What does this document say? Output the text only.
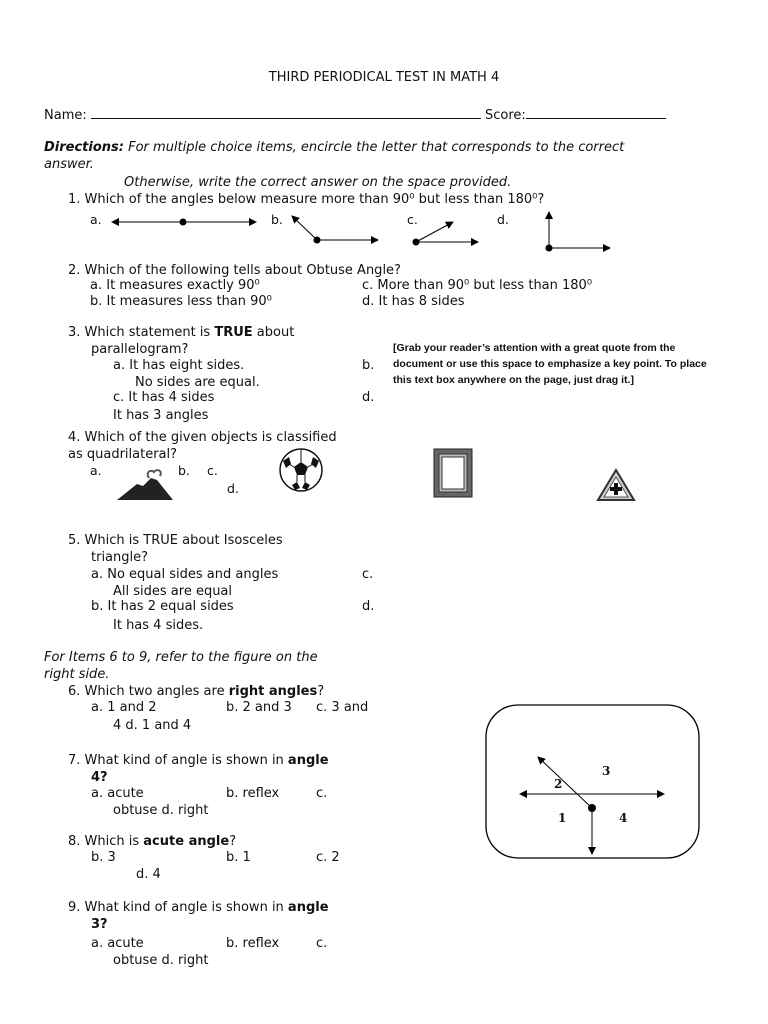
THIRD PERIODICAL TEST IN MATH 4
Name:	Score:
Directions: For multiple choice items, encircle the letter that corresponds to the correct
answer.
Otherwise, write the correct answer on the space provided.
1. Which of the angles below measure more than 90⁰ but less than 180⁰?
a.	b.	c.	d.
1
2
3
4
2. Which of the following tells about Obtuse Angle?
a. It measures exactly 90⁰
b. It measures less than 90⁰
c. More than 90⁰ but less than 180⁰
d. It has 8 sides
3. Which statement is TRUE about
parallelogram?
a. It has eight sides.	b.
No sides are equal.
c. It has 4 sides	d.
It has 3 angles
[Grab your reader’s attention with a great quote from the document or use this space to emphasize a key point. To place this text box anywhere on the page, just drag it.]
4. Which of the given objects is classified
as quadrilateral?
a.	b. c.
d.
5. Which is TRUE about Isosceles
triangle?
a. No equal sides and angles	c.
All sides are equal
b. It has 2 equal sides	d.
It has 4 sides.
For Items 6 to 9, refer to the figure on the
right side.
6. Which two angles are right angles?
a. 1 and 2	b. 2 and 3 c. 3 and
4 d. 1 and 4
7. What kind of angle is shown in angle
4?
a. acute	b. reflex	c.
obtuse d. right
8. Which is acute angle?
b. 3	b. 1	c. 2
d. 4
9. What kind of angle is shown in angle
3?
a. acute	b. reflex	c.
obtuse d. right
